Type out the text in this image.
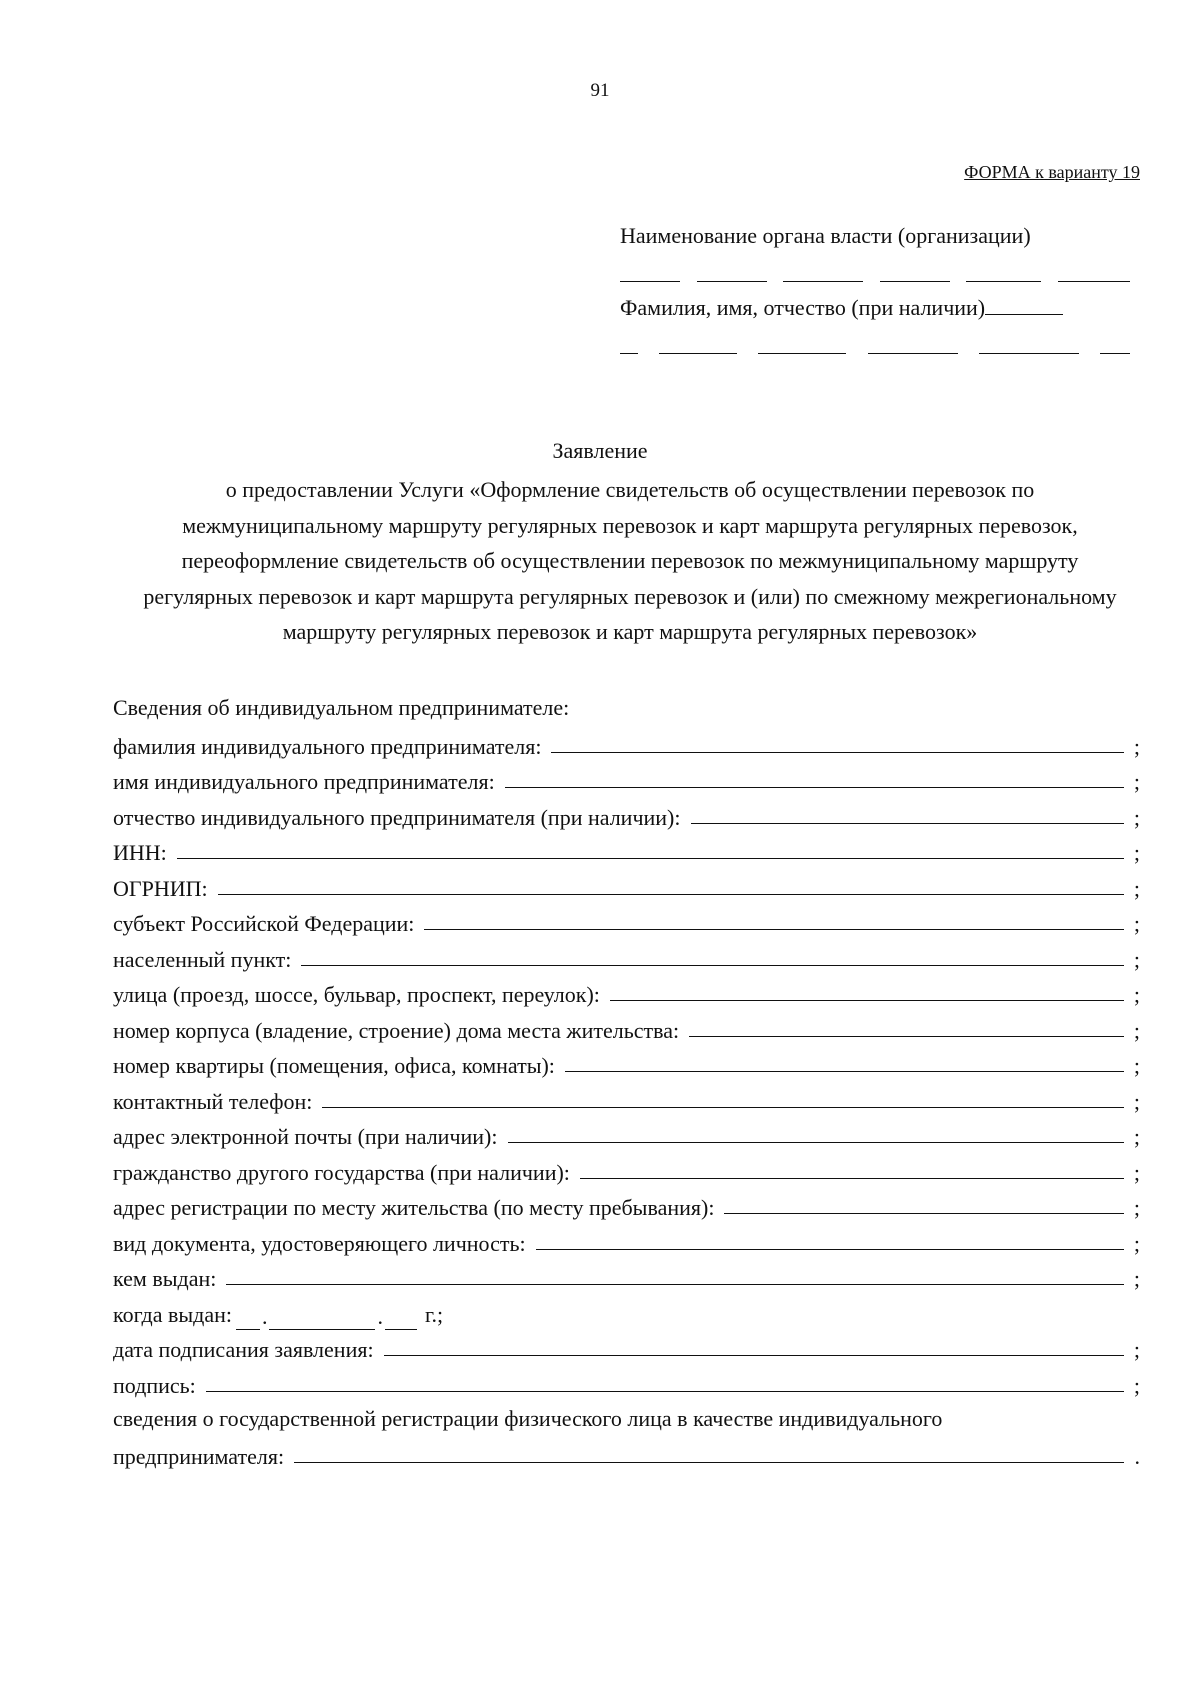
91
ФОРМА к варианту 19
Наименование органа власти (организации)
Фамилия, имя, отчество (при наличии)
Заявление
о предоставлении Услуги «Оформление свидетельств об осуществлении перевозок по межмуниципальному маршруту регулярных перевозок и карт маршрута регулярных перевозок, переоформление свидетельств об осуществлении перевозок по межмуниципальному маршруту регулярных перевозок и карт маршрута регулярных перевозок и (или) по смежному межрегиональному маршруту регулярных перевозок и карт маршрута регулярных перевозок»
Сведения об индивидуальном предпринимателе:
фамилия индивидуального предпринимателя:	;
имя индивидуального предпринимателя:	;
отчество индивидуального предпринимателя (при наличии):	;
ИНН:	;
ОГРНИП:	;
субъект Российской Федерации:	;
населенный пункт:	;
улица (проезд, шоссе, бульвар, проспект, переулок):	;
номер корпуса (владение, строение) дома места жительства:	;
номер квартиры (помещения, офиса, комнаты):	;
контактный телефон:	;
адрес электронной почты (при наличии):	;
гражданство другого государства (при наличии):	;
адрес регистрации по месту жительства (по месту пребывания):	;
вид документа, удостоверяющего личность:	;
кем выдан:	;
когда выдан: .	.	г.;
дата подписания заявления:	;
подпись:	;
сведения о государственной регистрации физического лица в качестве индивидуального
предпринимателя:	.
